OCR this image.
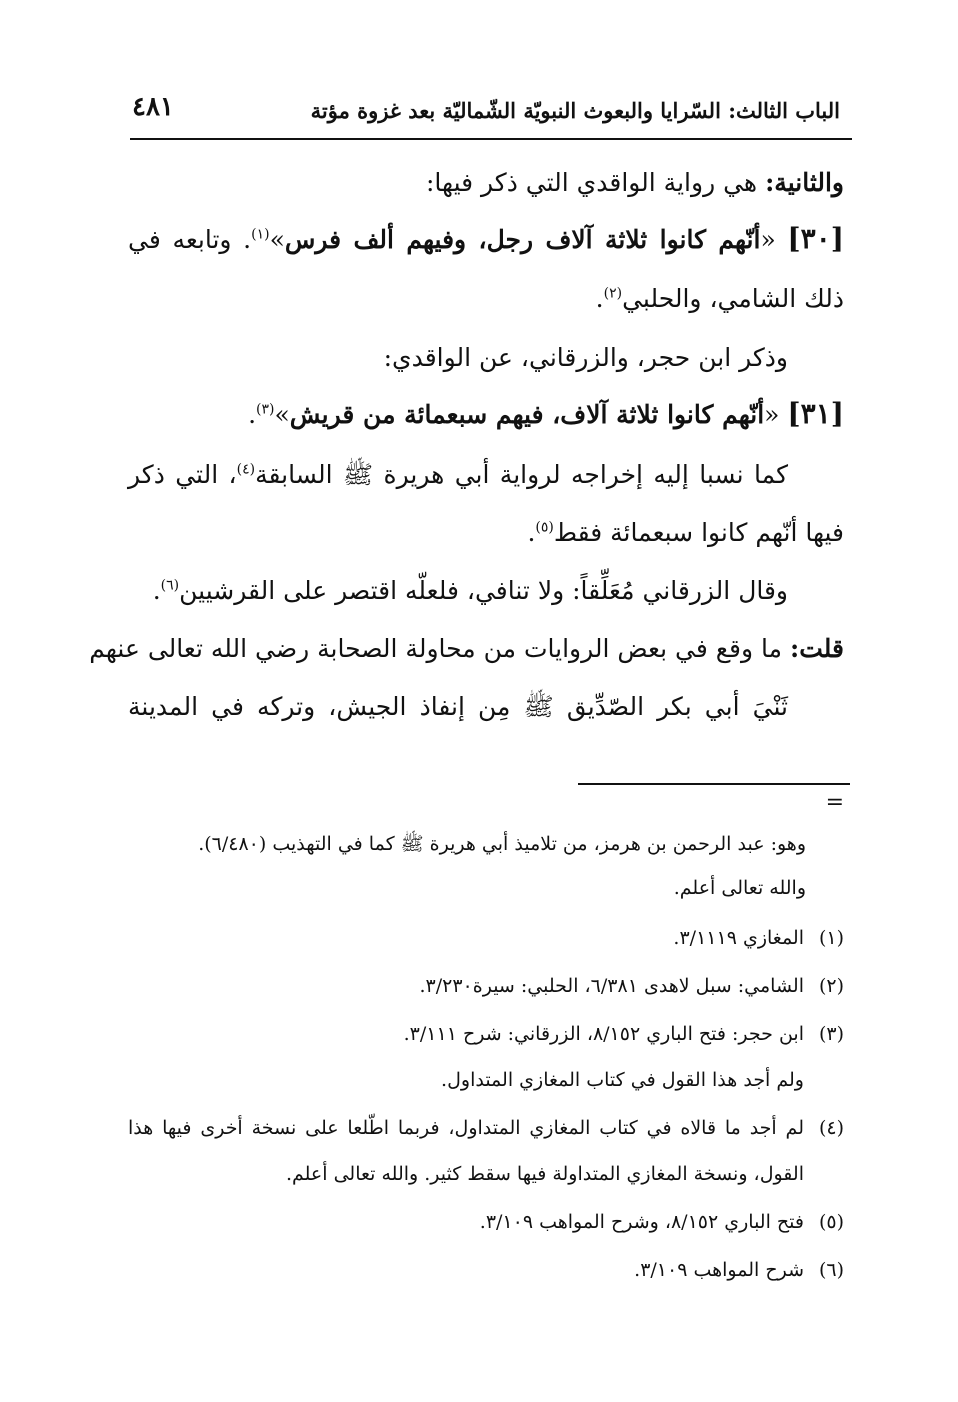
الباب الثالث: السّرايا والبعوث النبويّة الشّماليّة بعد غزوة مؤتة
٤٨١
والثانية: هي رواية الواقدي التي ذكر فيها:
[٣٠] «أنّهم كانوا ثلاثة آلاف رجل، وفيهم ألف فرس»$^{(١)}$. وتابعه في
ذلك الشامي، والحلبي$^{(٢)}$.
وذكر ابن حجر، والزرقاني، عن الواقدي:
[٣١] «أنّهم كانوا ثلاثة آلاف، فيهم سبعمائة من قريش»$^{(٣)}$.
كما نسبا إليه إخراجه لرواية أبي هريرة ﷺ السابقة$^{(٤)}$، التي ذكر
فيها أنّهم كانوا سبعمائة فقط$^{(٥)}$.
وقال الزرقاني مُعَلِّقاً: ولا تنافي، فلعلّه اقتصر على القرشيين$^{(٦)}$.
قلت: ما وقع في بعض الروايات من محاولة الصحابة رضي الله تعالى عنهم
ثَنْيَ أبي بكر الصّدِّيق ﷺ مِن إنفاذ الجيش، وتركه في المدينة
=
وهو: عبد الرحمن بن هرمز، من تلاميذ أبي هريرة ﷺ كما في التهذيب (٦/٤٨٠).
والله تعالى أعلم.
(١)المغازي ٣/١١١٩.
(٢)الشامي: سبل لاهدى ٦/٣٨١، الحلبي: سيرة٣/٢٣٠.
(٣)ابن حجر: فتح الباري ٨/١٥٢، الزرقاني: شرح ٣/١١١.
ولم أجد هذا القول في كتاب المغازي المتداول.
(٤)لم أجد ما قالاه في كتاب المغازي المتداول، فربما اطّلعا على نسخة أخرى فيها هذا
القول، ونسخة المغازي المتداولة فيها سقط كثير. والله تعالى أعلم.
(٥)فتح الباري ٨/١٥٢، وشرح المواهب ٣/١٠٩.
(٦)شرح المواهب ٣/١٠٩.
